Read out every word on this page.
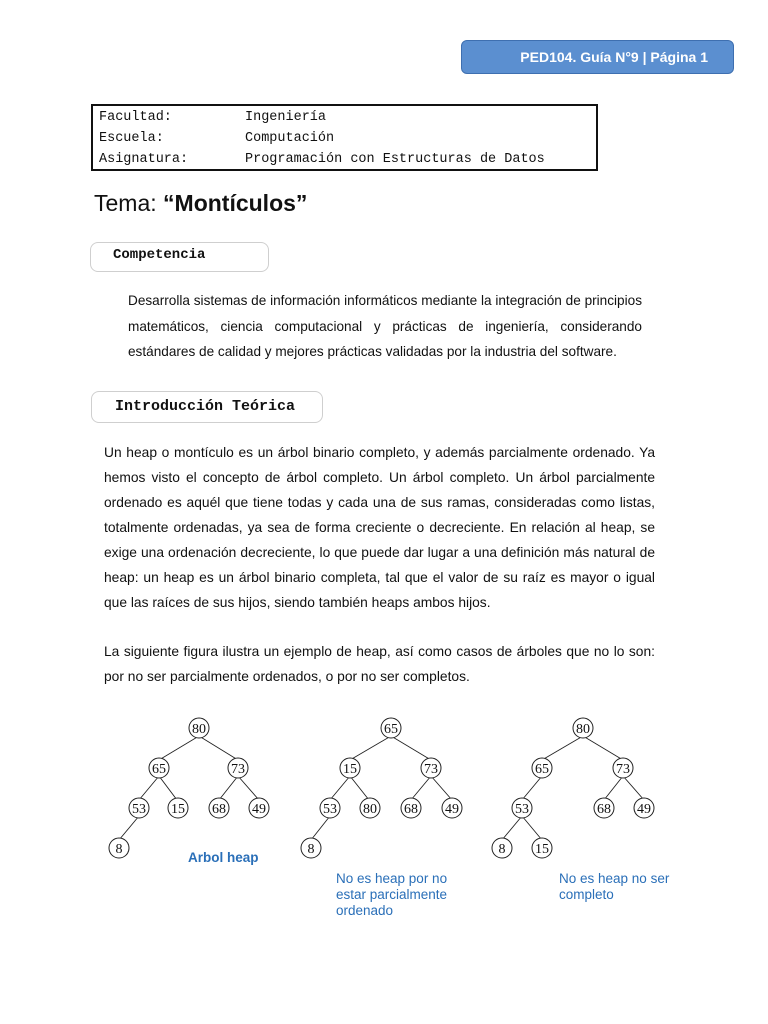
PED104. Guía N°9 | Página 1
Facultad:	Ingeniería
Escuela:	Computación
Asignatura:	Programación con Estructuras de Datos
Tema: “Montículos”
Competencia

Desarrolla sistemas de información informáticos mediante la integración de principios matemáticos, ciencia computacional y prácticas de ingeniería, considerando estándares de calidad y mejores prácticas validadas por la industria del software.

Introducción Teórica

Un heap o montículo es un árbol binario completo, y además parcialmente ordenado. Ya hemos visto el concepto de árbol completo. Un árbol completo. Un árbol parcialmente ordenado es aquél que tiene todas y cada una de sus ramas, consideradas como listas, totalmente ordenadas, ya sea de forma creciente o decreciente. En relación al heap, se exige una ordenación decreciente, lo que puede dar lugar a una definición más natural de heap: un heap es un árbol binario completa, tal que el valor de su raíz es mayor o igual que las raíces de sus hijos, siendo también heaps ambos hijos.

La siguiente figura ilustra un ejemplo de heap, así como casos de árboles que no lo son: por no ser parcialmente ordenados, o por no ser completos.

80
65	73
53 15 68 49
8
65
15	73
53 80 68 49
8
80
65	73
53	68 49
8 15
Arbol heap
No es heap por no
estar parcialmente
ordenado
No es heap no ser
completo
